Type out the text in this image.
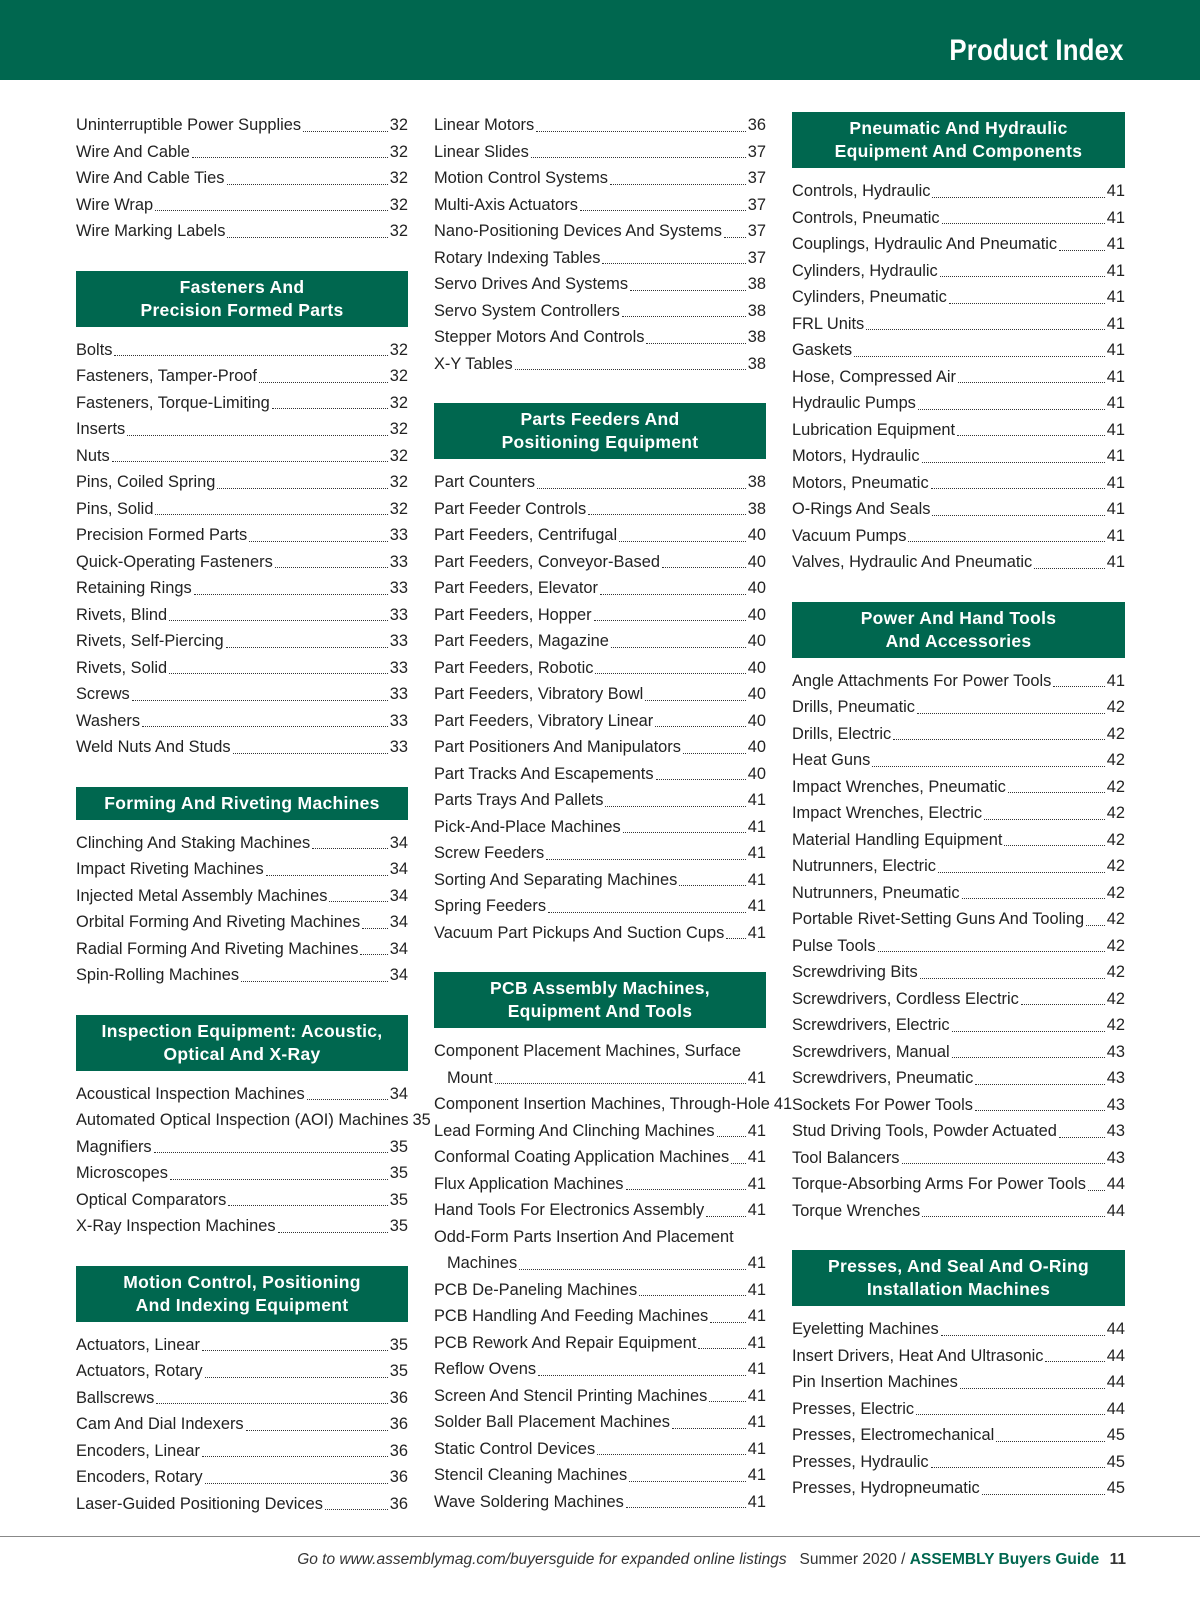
Product Index
Uninterruptible Power Supplies	32
Wire And Cable	32
Wire And Cable Ties	32
Wire Wrap	32
Wire Marking Labels	32
Fasteners And
Precision Formed Parts
Bolts	32
Fasteners, Tamper-Proof	32
Fasteners, Torque-Limiting	32
Inserts	32
Nuts	32
Pins, Coiled Spring	32
Pins, Solid	32
Precision Formed Parts	33
Quick-Operating Fasteners	33
Retaining Rings	33
Rivets, Blind	33
Rivets, Self-Piercing	33
Rivets, Solid	33
Screws	33
Washers	33
Weld Nuts And Studs	33
Forming And Riveting Machines
Clinching And Staking Machines	34
Impact Riveting Machines	34
Injected Metal Assembly Machines	34
Orbital Forming And Riveting Machines 34
Radial Forming And Riveting Machines 34
Spin-Rolling Machines	34
Inspection Equipment: Acoustic,
Optical And X-Ray
Acoustical Inspection Machines	34
Automated Optical Inspection (AOI) Machines 35
Magnifiers	35
Microscopes	35
Optical Comparators	35
X-Ray Inspection Machines	35
Motion Control, Positioning
And Indexing Equipment
Actuators, Linear	35
Actuators, Rotary	35
Ballscrews	36
Cam And Dial Indexers	36
Encoders, Linear	36
Encoders, Rotary	36
Laser-Guided Positioning Devices	36
Linear Motors	36
Linear Slides	37
Motion Control Systems	37
Multi-Axis Actuators	37
Nano-Positioning Devices And Systems 37
Rotary Indexing Tables	37
Servo Drives And Systems	38
Servo System Controllers	38
Stepper Motors And Controls	38
X-Y Tables	38
Parts Feeders And
Positioning Equipment
Part Counters	38
Part Feeder Controls	38
Part Feeders, Centrifugal	40
Part Feeders, Conveyor-Based	40
Part Feeders, Elevator	40
Part Feeders, Hopper	40
Part Feeders, Magazine	40
Part Feeders, Robotic	40
Part Feeders, Vibratory Bowl	40
Part Feeders, Vibratory Linear	40
Part Positioners And Manipulators	40
Part Tracks And Escapements	40
Parts Trays And Pallets	41
Pick-And-Place Machines	41
Screw Feeders	41
Sorting And Separating Machines	41
Spring Feeders	41
Vacuum Part Pickups And Suction Cups 41
PCB Assembly Machines,
Equipment And Tools
Component Placement Machines, Surface
Mount	41
Component Insertion Machines, Through-Hole 41
Lead Forming And Clinching Machines 41
Conformal Coating Application Machines 41
Flux Application Machines	41
Hand Tools For Electronics Assembly	41
Odd-Form Parts Insertion And Placement
Machines	41
PCB De-Paneling Machines	41
PCB Handling And Feeding Machines 41
PCB Rework And Repair Equipment	41
Reflow Ovens	41
Screen And Stencil Printing Machines 41
Solder Ball Placement Machines	41
Static Control Devices	41
Stencil Cleaning Machines	41
Wave Soldering Machines	41
Pneumatic And Hydraulic
Equipment And Components
Controls, Hydraulic	41
Controls, Pneumatic	41
Couplings, Hydraulic And Pneumatic	41
Cylinders, Hydraulic	41
Cylinders, Pneumatic	41
FRL Units	41
Gaskets	41
Hose, Compressed Air	41
Hydraulic Pumps	41
Lubrication Equipment	41
Motors, Hydraulic	41
Motors, Pneumatic	41
O-Rings And Seals	41
Vacuum Pumps	41
Valves, Hydraulic And Pneumatic	41
Power And Hand Tools
And Accessories
Angle Attachments For Power Tools	41
Drills, Pneumatic	42
Drills, Electric	42
Heat Guns	42
Impact Wrenches, Pneumatic	42
Impact Wrenches, Electric	42
Material Handling Equipment	42
Nutrunners, Electric	42
Nutrunners, Pneumatic	42
Portable Rivet-Setting Guns And Tooling 42
Pulse Tools	42
Screwdriving Bits	42
Screwdrivers, Cordless Electric	42
Screwdrivers, Electric	42
Screwdrivers, Manual	43
Screwdrivers, Pneumatic	43
Sockets For Power Tools	43
Stud Driving Tools, Powder Actuated	43
Tool Balancers	43
Torque-Absorbing Arms For Power Tools 44
Torque Wrenches	44
Presses, And Seal And O-Ring
Installation Machines
Eyeletting Machines	44
Insert Drivers, Heat And Ultrasonic	44
Pin Insertion Machines	44
Presses, Electric	44
Presses, Electromechanical	45
Presses, Hydraulic	45
Presses, Hydropneumatic	45
Go to www.assemblymag.com/buyersguide for expanded online listings Summer 2020 / ASSEMBLY Buyers Guide 11
